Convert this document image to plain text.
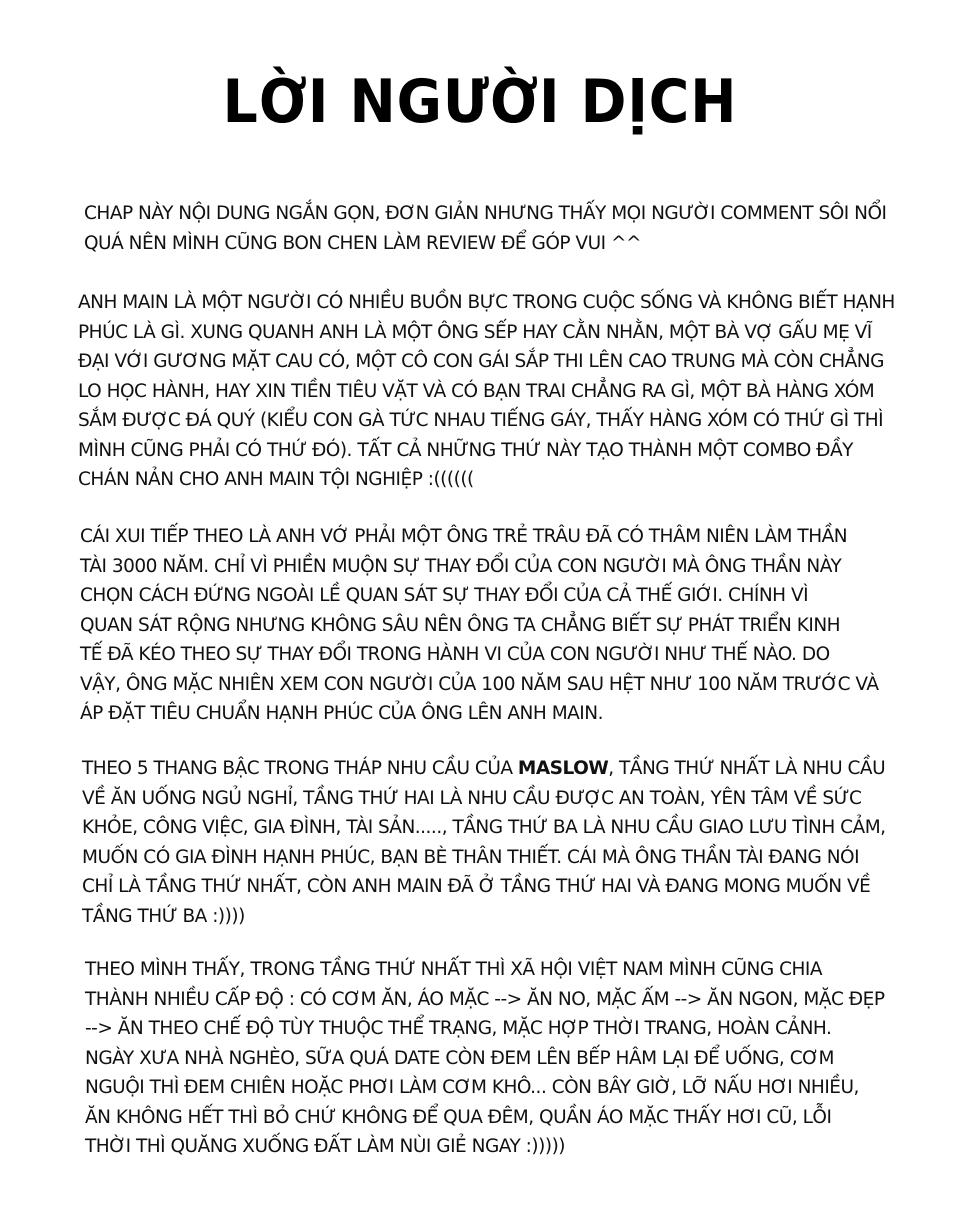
LỜI NGƯỜI DỊCH
CHAP NÀY NỘI DUNG NGẮN GỌN, ĐƠN GIẢN NHƯNG THẤY MỌI NGƯỜI COMMENT SÔI NỔI
QUÁ NÊN MÌNH CŨNG BON CHEN LÀM REVIEW ĐỂ GÓP VUI ^^
ANH MAIN LÀ MỘT NGƯỜI CÓ NHIỀU BUỒN BỰC TRONG CUỘC SỐNG VÀ KHÔNG BIẾT HẠNH
PHÚC LÀ GÌ. XUNG QUANH ANH LÀ MỘT ÔNG SẾP HAY CẰN NHẰN, MỘT BÀ VỢ GẤU MẸ VĨ
ĐẠI VỚI GƯƠNG MẶT CAU CÓ, MỘT CÔ CON GÁI SẮP THI LÊN CAO TRUNG MÀ CÒN CHẲNG
LO HỌC HÀNH, HAY XIN TIỀN TIÊU VẶT VÀ CÓ BẠN TRAI CHẲNG RA GÌ, MỘT BÀ HÀNG XÓM
SẮM ĐƯỢC ĐÁ QUÝ (KIỂU CON GÀ TỨC NHAU TIẾNG GÁY, THẤY HÀNG XÓM CÓ THỨ GÌ THÌ
MÌNH CŨNG PHẢI CÓ THỨ ĐÓ). TẤT CẢ NHỮNG THỨ NÀY TẠO THÀNH MỘT COMBO ĐẦY
CHÁN NẢN CHO ANH MAIN TỘI NGHIỆP :((((((
CÁI XUI TIẾP THEO LÀ ANH VỚ PHẢI MỘT ÔNG TRẺ TRÂU ĐÃ CÓ THÂM NIÊN LÀM THẦN
TÀI 3000 NĂM. CHỈ VÌ PHIỀN MUỘN SỰ THAY ĐỔI CỦA CON NGƯỜI MÀ ÔNG THẦN NÀY
CHỌN CÁCH ĐỨNG NGOÀI LỀ QUAN SÁT SỰ THAY ĐỔI CỦA CẢ THẾ GIỚI. CHÍNH VÌ
QUAN SÁT RỘNG NHƯNG KHÔNG SÂU NÊN ÔNG TA CHẲNG BIẾT SỰ PHÁT TRIỂN KINH
TẾ ĐÃ KÉO THEO SỰ THAY ĐỔI TRONG HÀNH VI CỦA CON NGƯỜI NHƯ THẾ NÀO. DO
VẬY, ÔNG MẶC NHIÊN XEM CON NGƯỜI CỦA 100 NĂM SAU HỆT NHƯ 100 NĂM TRƯỚC VÀ
ÁP ĐẶT TIÊU CHUẨN HẠNH PHÚC CỦA ÔNG LÊN ANH MAIN.
THEO 5 THANG BẬC TRONG THÁP NHU CẦU CỦA MASLOW, TẦNG THỨ NHẤT LÀ NHU CẦU
VỀ ĂN UỐNG NGỦ NGHỈ, TẦNG THỨ HAI LÀ NHU CẦU ĐƯỢC AN TOÀN, YÊN TÂM VỀ SỨC
KHỎE, CÔNG VIỆC, GIA ĐÌNH, TÀI SẢN....., TẦNG THỨ BA LÀ NHU CẦU GIAO LƯU TÌNH CẢM,
MUỐN CÓ GIA ĐÌNH HẠNH PHÚC, BẠN BÈ THÂN THIẾT. CÁI MÀ ÔNG THẦN TÀI ĐANG NÓI
CHỈ LÀ TẦNG THỨ NHẤT, CÒN ANH MAIN ĐÃ Ở TẦNG THỨ HAI VÀ ĐANG MONG MUỐN VỀ
TẦNG THỨ BA :))))
THEO MÌNH THẤY, TRONG TẦNG THỨ NHẤT THÌ XÃ HỘI VIỆT NAM MÌNH CŨNG CHIA
THÀNH NHIỀU CẤP ĐỘ : CÓ CƠM ĂN, ÁO MẶC --> ĂN NO, MẶC ẤM --> ĂN NGON, MẶC ĐẸP
--> ĂN THEO CHẾ ĐỘ TÙY THUỘC THỂ TRẠNG, MẶC HỢP THỜI TRANG, HOÀN CẢNH.
NGÀY XƯA NHÀ NGHÈO, SỮA QUÁ DATE CÒN ĐEM LÊN BẾP HÂM LẠI ĐỂ UỐNG, CƠM
NGUỘI THÌ ĐEM CHIÊN HOẶC PHƠI LÀM CƠM KHÔ... CÒN BÂY GIỜ, LỠ NẤU HƠI NHIỀU,
ĂN KHÔNG HẾT THÌ BỎ CHỨ KHÔNG ĐỂ QUA ĐÊM, QUẦN ÁO MẶC THẤY HƠI CŨ, LỖI
THỜI THÌ QUĂNG XUỐNG ĐẤT LÀM NÙI GIẺ NGAY :)))))
